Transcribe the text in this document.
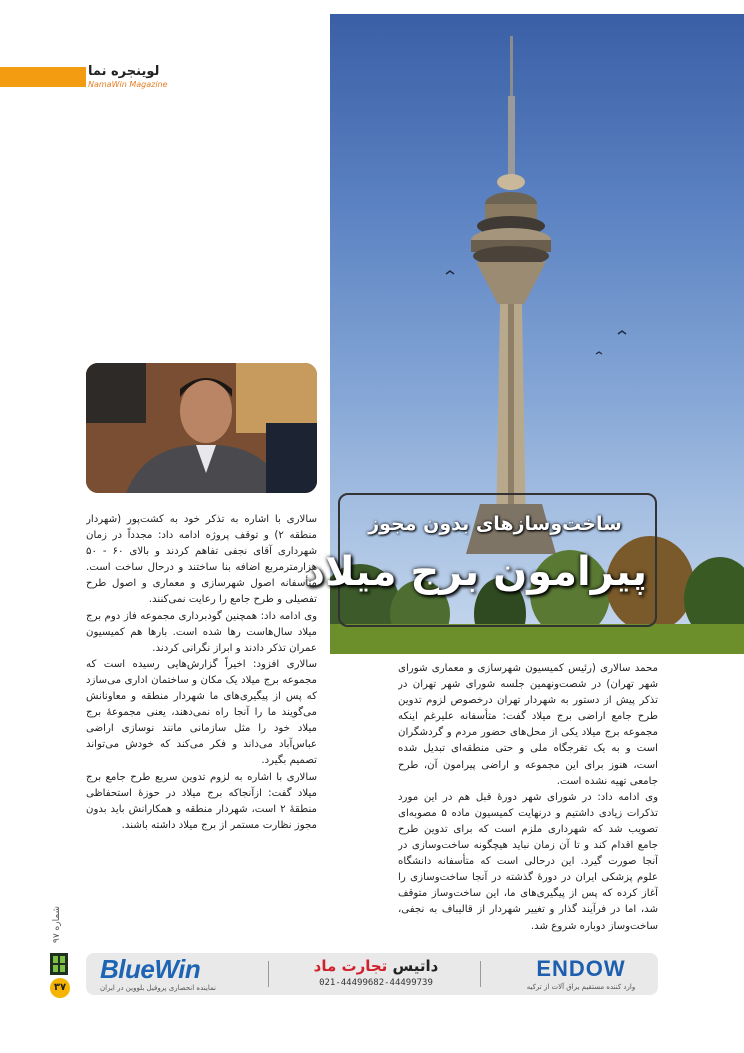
لوینجره نما
NamaWin Magazine
ساخت‌وسازهای بدون مجوز
پیرامون برج میلاد

سالاری با اشاره به تذکر خود به کشت‌پور (شهردار منطقه ۲) و توقف پروژه ادامه داد: مجدداً در زمان شهرداری آقای نجفی تفاهم کردند و بالای ۶۰ - ۵۰ هزارمترمربع اضافه بنا ساختند و درحال ساخت است. متأسفانه اصول شهرسازی و معماری و اصول طرح تفصیلی و طرح جامع را رعایت نمی‌کنند.

وی ادامه داد: همچنین گودبرداری مجموعه فاز دوم برج میلاد سال‌هاست رها شده است. بارها هم کمیسیون عمران تذکر دادند و ابراز نگرانی کردند.

سالاری افزود: اخیراً گزارش‌هایی رسیده است که مجموعه برج میلاد یک مکان و ساختمان اداری می‌سازد که پس از پیگیری‌های ما شهردار منطقه و معاونانش می‌گویند ما را آنجا راه نمی‌دهند، یعنی مجموعهٔ برج میلاد خود را مثل سازمانی مانند نوسازی اراضی عباس‌آباد می‌داند و فکر می‌کند که خودش می‌تواند تصمیم بگیرد.

سالاری با اشاره به لزوم تدوین سریع طرح جامع برج میلاد گفت: ازآنجاکه برج میلاد در حوزهٔ استحفاظی منطقهٔ ۲ است، شهردار منطقه و همکارانش باید بدون مجوز نظارت مستمر از برج میلاد داشته باشند.

محمد سالاری (رئیس کمیسیون شهرسازی و معماری شورای شهر تهران) در شصت‌ونهمین جلسه شورای شهر تهران در تذکر پیش از دستور به شهردار تهران درخصوص لزوم تدوین طرح جامع اراضی برج میلاد گفت: متأسفانه علیرغم اینکه مجموعه برج میلاد یکی از محل‌های حضور مردم و گردشگران است و به یک تفرجگاه ملی و حتی منطقه‌ای تبدیل شده است، هنوز برای این مجموعه و اراضی پیرامون آن، طرح جامعی تهیه نشده است.

وی ادامه داد: در شورای شهر دورهٔ قبل هم در این مورد تذکرات زیادی داشتیم و درنهایت کمیسیون ماده ۵ مصوبه‌ای تصویب شد که شهرداری ملزم است که برای تدوین طرح جامع اقدام کند و تا آن زمان نباید هیچگونه ساخت‌وسازی در آنجا صورت گیرد. این درحالی است که متأسفانه دانشگاه علوم پزشکی ایران در دورهٔ گذشته در آنجا ساخت‌وسازی را آغاز کرده که پس از پیگیری‌های ما، این ساخت‌وساز متوقف شد، اما در فرآیند گذار و تغییر شهردار از قالیباف به نجفی، ساخت‌وساز دوباره شروع شد.

شماره ۹۷
۳۷
BlueWin
نماینده انحصاری پروفیل بلووین در ایران
داتیس تجارت ماد
021-44499682-44499739
ENDOW
وارد کننده مستقیم یراق آلات از ترکیه
